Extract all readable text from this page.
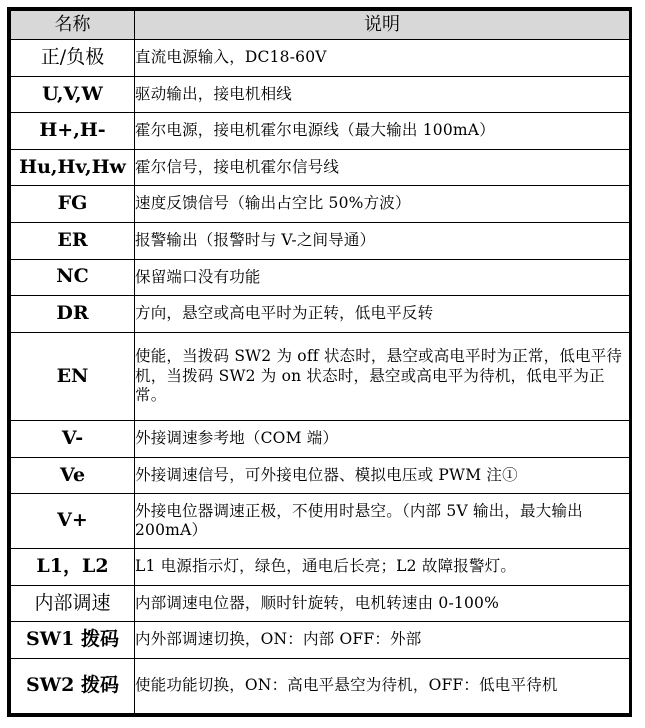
名称	说明
正/负极	直流电源输入，DC18-60V
U,V,W	驱动输出，接电机相线
H+,H-	霍尔电源，接电机霍尔电源线（最大输出 100mA）
Hu,Hv,Hw	霍尔信号，接电机霍尔信号线
FG	速度反馈信号（输出占空比 50%方波）
ER	报警输出（报警时与 V-之间导通）
NC	保留端口没有功能
DR	方向，悬空或高电平时为正转，低电平反转
EN	使能，当拨码 SW2 为 off 状态时，悬空或高电平时为正常，低电平待机，当拨码 SW2 为 on 状态时，悬空或高电平为待机，低电平为正常。
V-	外接调速参考地（COM 端）
Ve	外接调速信号，可外接电位器、模拟电压或 PWM 注①
V+	外接电位器调速正极，不使用时悬空。（内部 5V 输出，最大输出 200mA）
L1，L2	L1 电源指示灯，绿色，通电后长亮；L2 故障报警灯。
内部调速	内部调速电位器，顺时针旋转，电机转速由 0-100%
SW1 拨码	内外部调速切换，ON：内部 OFF：外部
SW2 拨码	使能功能切换，ON：高电平悬空为待机，OFF：低电平待机
